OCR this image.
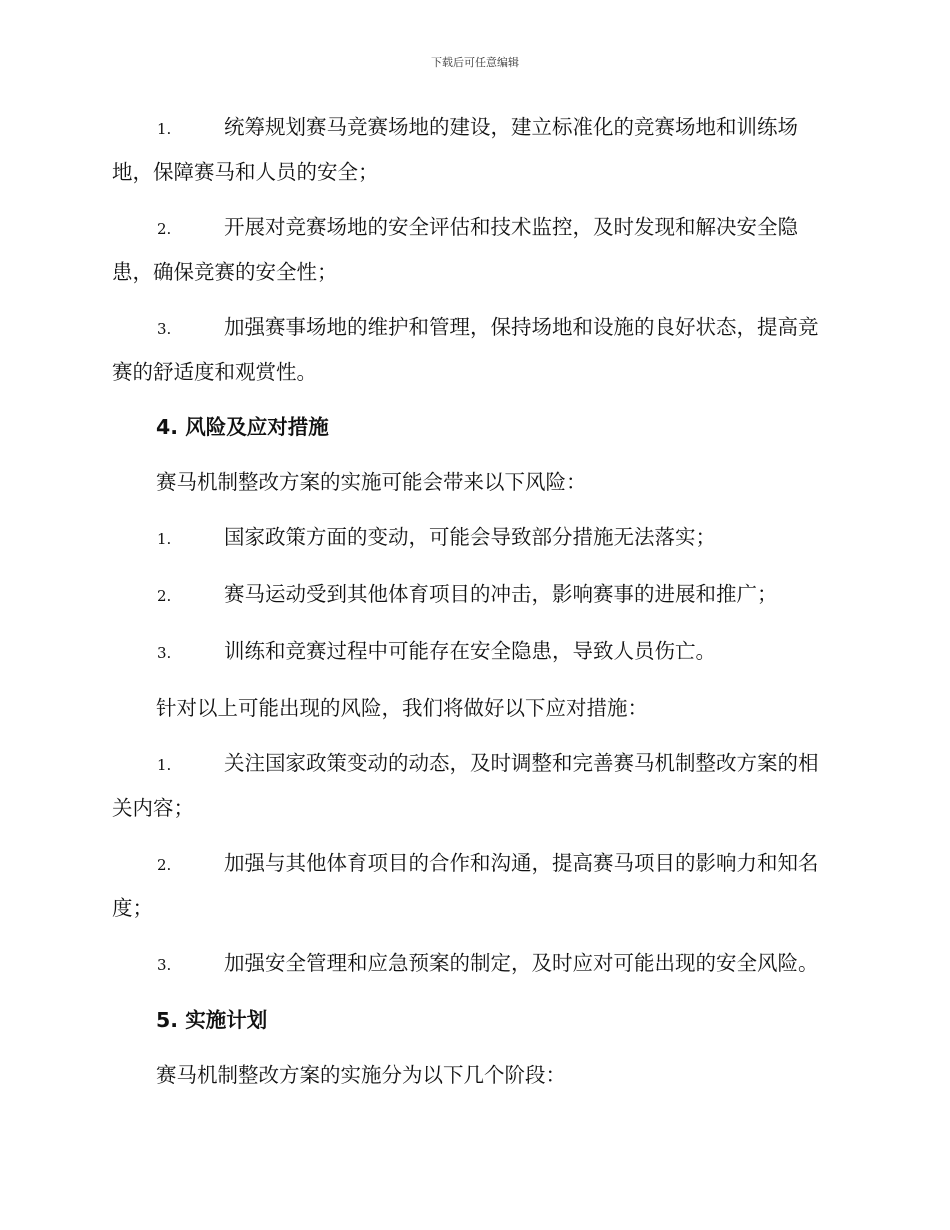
下载后可任意编辑

1.	统筹规划赛马竞赛场地的建设，建立标准化的竞赛场地和训练场地，保障赛马和人员的安全；

2.	开展对竞赛场地的安全评估和技术监控，及时发现和解决安全隐患，确保竞赛的安全性；

3.	加强赛事场地的维护和管理，保持场地和设施的良好状态，提高竞赛的舒适度和观赏性。

4. 风险及应对措施

赛马机制整改方案的实施可能会带来以下风险：

1.	国家政策方面的变动，可能会导致部分措施无法落实；

2.	赛马运动受到其他体育项目的冲击，影响赛事的进展和推广；

3.	训练和竞赛过程中可能存在安全隐患，导致人员伤亡。

针对以上可能出现的风险，我们将做好以下应对措施：

1.	关注国家政策变动的动态，及时调整和完善赛马机制整改方案的相关内容；

2.	加强与其他体育项目的合作和沟通，提高赛马项目的影响力和知名度；

3.	加强安全管理和应急预案的制定，及时应对可能出现的安全风险。

5. 实施计划

赛马机制整改方案的实施分为以下几个阶段：
